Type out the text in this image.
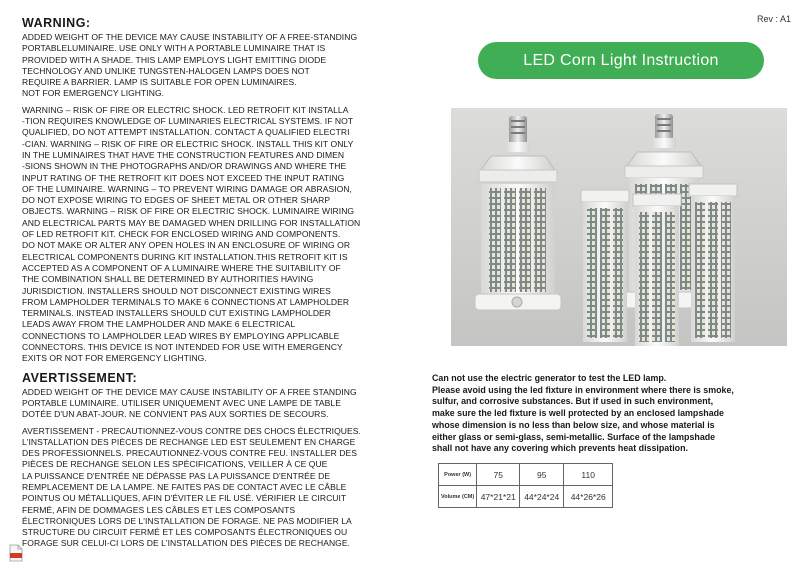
WARNING:
ADDED WEIGHT OF THE DEVICE MAY CAUSE INSTABILITY OF A FREE-STANDING
PORTABLELUMINAIRE. USE ONLY WITH A PORTABLE LUMINAIRE THAT IS
PROVIDED WITH A SHADE. THIS LAMP EMPLOYS LIGHT EMITTING DIODE
TECHNOLOGY AND UNLIKE TUNGSTEN-HALOGEN LAMPS DOES NOT
REQUIRE A BARRIER. LAMP IS SUITABLE FOR OPEN LUMINAIRES.
NOT FOR EMERGENCY LIGHTING.
WARNING – RISK OF FIRE OR ELECTRIC SHOCK. LED RETROFIT KIT INSTALLA
-TION REQUIRES KNOWLEDGE OF LUMINARIES ELECTRICAL SYSTEMS. IF NOT
QUALIFIED, DO NOT ATTEMPT INSTALLATION. CONTACT A QUALIFIED ELECTRI
-CIAN. WARNING – RISK OF FIRE OR ELECTRIC SHOCK. INSTALL THIS KIT ONLY
IN THE LUMINAIRES THAT HAVE THE CONSTRUCTION FEATURES AND DIMEN
-SIONS SHOWN IN THE PHOTOGRAPHS AND/OR DRAWINGS AND WHERE THE
INPUT RATING OF THE RETROFIT KIT DOES NOT EXCEED THE INPUT RATING
OF THE LUMINAIRE. WARNING – TO PREVENT WIRING DAMAGE OR ABRASION,
DO NOT EXPOSE WIRING TO EDGES OF SHEET METAL OR OTHER SHARP
OBJECTS. WARNING – RISK OF FIRE OR ELECTRIC SHOCK. LUMINAIRE WIRING
AND ELECTRICAL PARTS MAY BE DAMAGED WHEN DRILLING FOR INSTALLATION
OF LED RETROFIT KIT. CHECK FOR ENCLOSED WIRING AND COMPONENTS.
DO NOT MAKE OR ALTER ANY OPEN HOLES IN AN ENCLOSURE OF WIRING OR
ELECTRICAL COMPONENTS DURING KIT INSTALLATION.THIS RETROFIT KIT IS
ACCEPTED AS A COMPONENT OF A LUMINAIRE WHERE THE SUITABILITY OF
THE COMBINATION SHALL BE DETERMINED BY AUTHORITIES HAVING
JURISDICTION. INSTALLERS SHOULD NOT DISCONNECT EXISTING WIRES
FROM LAMPHOLDER TERMINALS TO MAKE 6 CONNECTIONS AT LAMPHOLDER
TERMINALS. INSTEAD INSTALLERS SHOULD CUT EXISTING LAMPHOLDER
LEADS AWAY FROM THE LAMPHOLDER AND MAKE 6 ELECTRICAL
CONNECTIONS TO LAMPHOLDER LEAD WIRES BY EMPLOYING APPLICABLE
CONNECTORS. THIS DEVICE IS NOT INTENDED FOR USE WITH EMERGENCY
EXITS OR NOT FOR EMERGENCY LIGHTING.
AVERTISSEMENT:
ADDED WEIGHT OF THE DEVICE MAY CAUSE INSTABILITY OF A FREE STANDING
PORTABLE LUMINAIRE. UTILISER UNIQUEMENT AVEC UNE LAMPE DE TABLE
DOTÉE D'UN ABAT-JOUR. NE CONVIENT PAS AUX SORTIES DE SECOURS.
AVERTISSEMENT - PRECAUTIONNEZ-VOUS CONTRE DES CHOCS ÉLECTRIQUES.
L'INSTALLATION DES PIÈCES DE RECHANGE LED EST SEULEMENT EN CHARGE
DES PROFESSIONNELS. PRECAUTIONNEZ-VOUS CONTRE FEU. INSTALLER DES
PIÈCES DE RECHANGE SELON LES SPÉCIFICATIONS, VEILLER À CE QUE
LA PUISSANCE D'ENTRÉE NE DÉPASSE PAS LA PUISSANCE D'ENTRÉE DE
REMPLACEMENT DE LA LAMPE. NE FAITES PAS DE CONTACT AVEC LE CÂBLE
POINTUS OU MÉTALLIQUES, AFIN D'ÉVITER LE FIL USÉ. VÉRIFIER LE CIRCUIT
FERMÉ, AFIN DE DOMMAGES LES CÂBLES ET LES COMPOSANTS
ÉLECTRONIQUES LORS DE L'INSTALLATION DE FORAGE. NE PAS MODIFIER LA
STRUCTURE DU CIRCUIT FERMÉ ET LES COMPOSANTS ÉLECTRONIQUES OU
FORAGE SUR CELUI-CI LORS DE L'INSTALLATION DES PIÈCES DE RECHANGE.
Rev : A1
LED Corn Light Instruction
Can not use the electric generator to test the LED lamp.
Please avoid using the led fixture in environment where there is smoke,
sulfur, and corrosive substances. But if used in such environment,
make sure the led fixture is well protected by an enclosed lampshade
whose dimension is no less than below size, and whose material is
either glass or semi-glass, semi-metallic. Surface of the lampshade
shall not have any covering which prevents heat dissipation.
Power (W)	75	95	110
Volume (CM)	47*21*21	44*24*24	44*26*26
